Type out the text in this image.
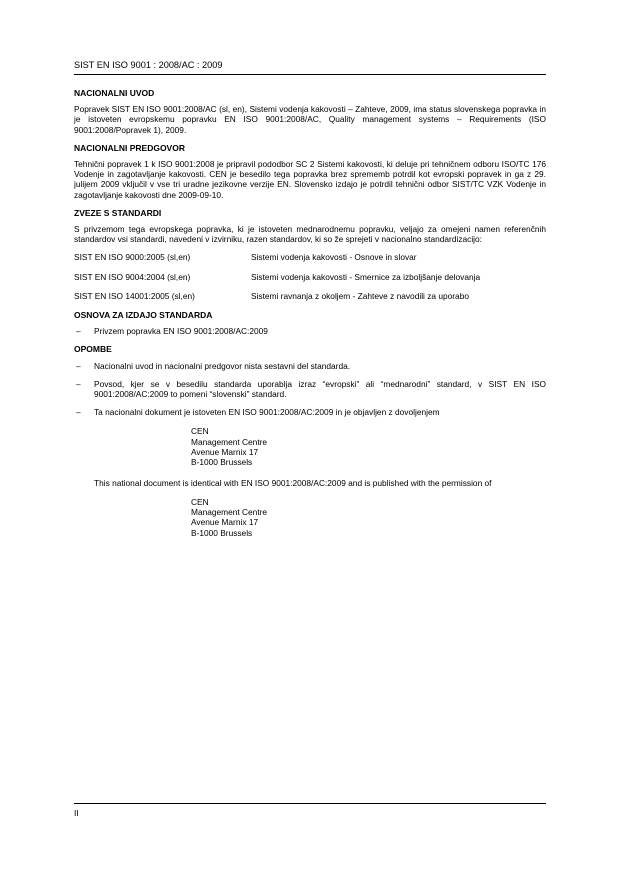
SIST EN ISO 9001 : 2008/AC : 2009
NACIONALNI UVOD

Popravek SIST EN ISO 9001:2008/AC (sl, en), Sistemi vodenja kakovosti – Zahteve, 2009, ima status slovenskega popravka in je istoveten evropskemu popravku EN ISO 9001:2008/AC, Quality management systems – Requirements (ISO 9001:2008/Popravek 1), 2009.

NACIONALNI PREDGOVOR

Tehnični popravek 1 k ISO 9001:2008 je pripravil pododbor SC 2 Sistemi kakovosti, ki deluje pri tehničnem odboru ISO/TC 176 Vodenje in zagotavljanje kakovosti. CEN je besedilo tega popravka brez sprememb potrdil kot evropski popravek in ga z 29. julijem 2009 vključil v vse tri uradne jezikovne verzije EN. Slovensko izdajo je potrdil tehnični odbor SIST/TC VZK Vodenje in zagotavljanje kakovosti dne 2009-09-10.

ZVEZE S STANDARDI

S privzemom tega evropskega popravka, ki je istoveten mednarodnemu popravku, veljajo za omejeni namen referenčnih standardov vsi standardi, navedeni v izvirniku, razen standardov, ki so že sprejeti v nacionalno standardizacijo:

SIST EN ISO 9000:2005 (sl,en)	Sistemi vodenja kakovosti - Osnove in slovar
SIST EN ISO 9004:2004 (sl,en)	Sistemi vodenja kakovosti - Smernice za izboljšanje delovanja
SIST EN ISO 14001:2005 (sl,en)	Sistemi ravnanja z okoljem - Zahteve z navodili za uporabo
OSNOVA ZA IZDAJO STANDARDA
– Privzem popravka EN ISO 9001:2008/AC:2009
OPOMBE
– Nacionalni uvod in nacionalni predgovor nista sestavni del standarda.
– Povsod, kjer se v besedilu standarda uporablja izraz “evropski” ali “mednarodni” standard, v SIST EN ISO 9001:2008/AC:2009 to pomeni “slovenski” standard.
– Ta nacionalni dokument je istoveten EN ISO 9001:2008/AC:2009 in je objavljen z dovoljenjem
CEN
Management Centre
Avenue Marnix 17
B-1000 Brussels

This national document is identical with EN ISO 9001:2008/AC:2009 and is published with the permission of

CEN
Management Centre
Avenue Marnix 17
B-1000 Brussels
II
